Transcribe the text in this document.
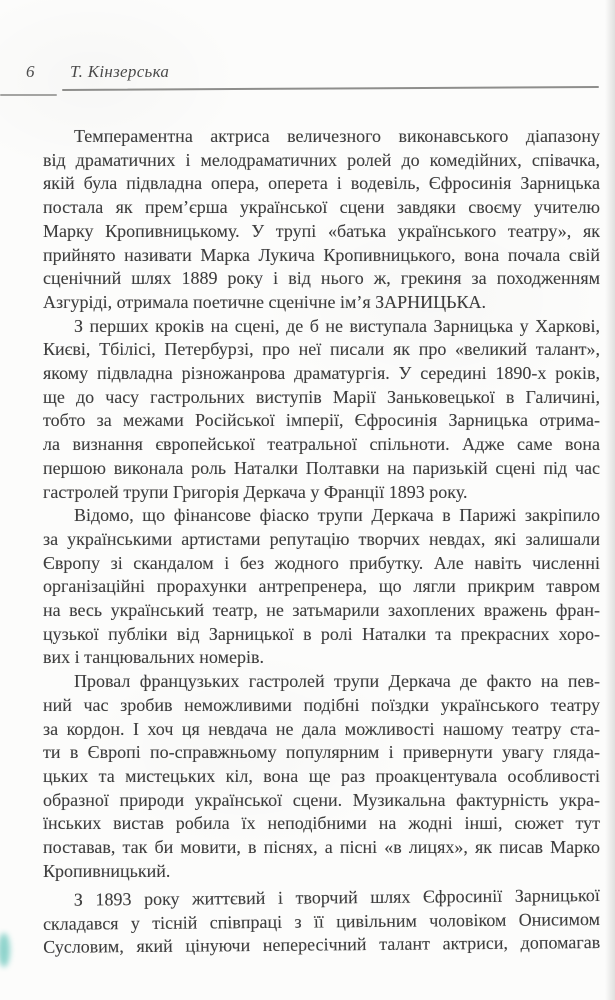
6 Т. Кінзерська
Темпераментна актриса величезного виконавського діапазону
від драматичних і мелодраматичних ролей до комедійних, співачка,
якій була підвладна опера, оперета і водевіль, Єфросинія Зарницька
постала як прем’єрша української сцени завдяки своєму учителю
Марку Кропивницькому. У трупі «батька українського театру», як
прийнято називати Марка Лукича Кропивницького, вона почала свій
сценічний шлях 1889 року і від нього ж, грекиня за походженням
Азгуріді, отримала поетичне сценічне ім’я ЗАРНИЦЬКА.
З перших кроків на сцені, де б не виступала Зарницька у Харкові,
Києві, Тбілісі, Петербурзі, про неї писали як про «великий талант»,
якому підвладна різножанрова драматургія. У середині 1890-х років,
ще до часу гастрольних виступів Марії Заньковецької в Галичині,
тобто за межами Російської імперії, Єфросинія Зарницька отрима-
ла визнання європейської театральної спільноти. Адже саме вона
першою виконала роль Наталки Полтавки на паризькій сцені під час
гастролей трупи Григорія Деркача у Франції 1893 року.
Відомо, що фінансове фіаско трупи Деркача в Парижі закріпило
за українськими артистами репутацію творчих невдах, які залишали
Європу зі скандалом і без жодного прибутку. Але навіть численні
організаційні прорахунки антрепренера, що лягли прикрим тавром
на весь український театр, не затьмарили захоплених вражень фран-
цузької публіки від Зарницької в ролі Наталки та прекрасних хоро-
вих і танцювальних номерів.
Провал французьких гастролей трупи Деркача де факто на пев-
ний час зробив неможливими подібні поїздки українського театру
за кордон. І хоч ця невдача не дала можливості нашому театру ста-
ти в Європі по-справжньому популярним і привернути увагу гляда-
цьких та мистецьких кіл, вона ще раз проакцентувала особливості
образної природи української сцени. Музикальна фактурність укра-
їнських вистав робила їх неподібними на жодні інші, сюжет тут
поставав, так би мовити, в піснях, а пісні «в лицях», як писав Марко
Кропивницький.
З 1893 року життєвий і творчий шлях Єфросинії Зарницької
складався у тісній співпраці з її цивільним чоловіком Онисимом
Сусловим, який цінуючи непересічний талант актриси, допомагав
